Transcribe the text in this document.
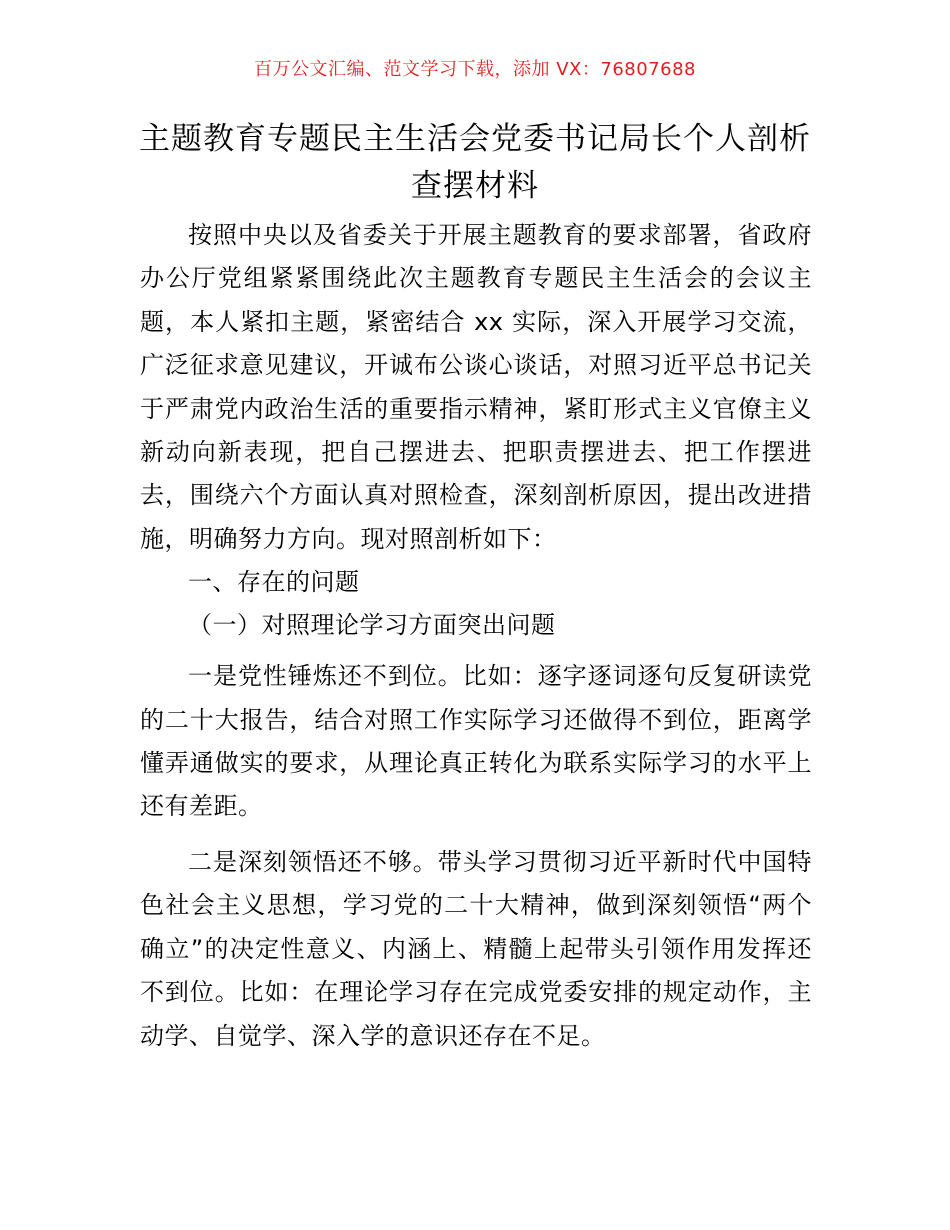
百万公文汇编、范文学习下载，添加 VX：76807688
主题教育专题民主生活会党委书记局长个人剖析查摆材料

按照中央以及省委关于开展主题教育的要求部署，省政府办公厅党组紧紧围绕此次主题教育专题民主生活会的会议主题，本人紧扣主题，紧密结合 xx 实际，深入开展学习交流，广泛征求意见建议，开诚布公谈心谈话，对照习近平总书记关于严肃党内政治生活的重要指示精神，紧盯形式主义官僚主义新动向新表现，把自己摆进去、把职责摆进去、把工作摆进去，围绕六个方面认真对照检查，深刻剖析原因，提出改进措施，明确努力方向。现对照剖析如下：

一、存在的问题

（一）对照理论学习方面突出问题

一是党性锤炼还不到位。比如：逐字逐词逐句反复研读党的二十大报告，结合对照工作实际学习还做得不到位，距离学懂弄通做实的要求，从理论真正转化为联系实际学习的水平上还有差距。

二是深刻领悟还不够。带头学习贯彻习近平新时代中国特色社会主义思想，学习党的二十大精神，做到深刻领悟“两个确立”的决定性意义、内涵上、精髓上起带头引领作用发挥还不到位。比如：在理论学习存在完成党委安排的规定动作，主动学、自觉学、深入学的意识还存在不足。
